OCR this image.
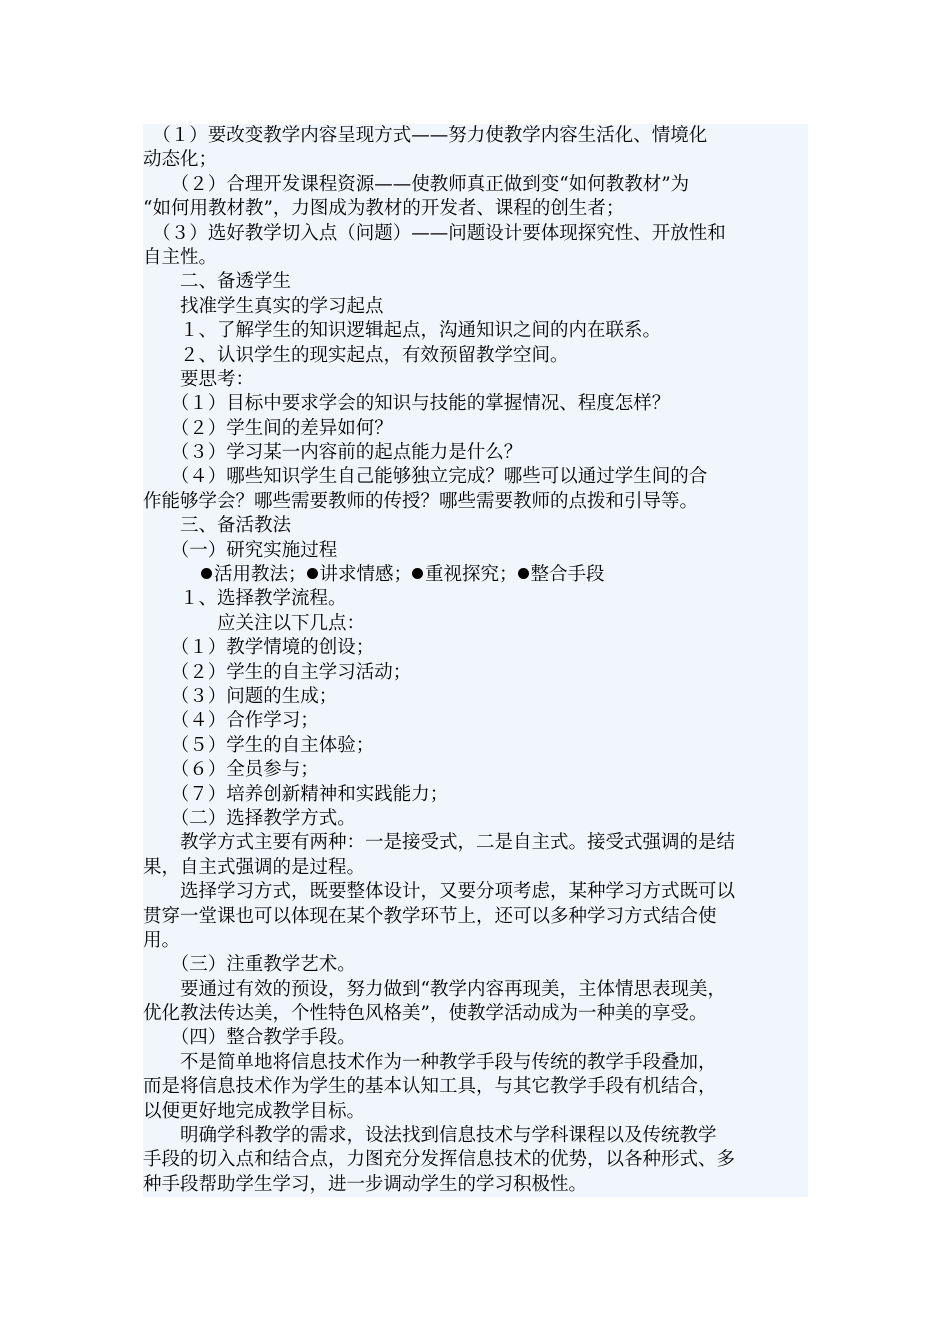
　（１）要改变教学内容呈现方式——努力使教学内容生活化、情境化
动态化；
　　（２）合理开发课程资源——使教师真正做到变“如何教教材”为
“如何用教材教”，力图成为教材的开发者、课程的创生者；
　（３）选好教学切入点（问题）——问题设计要体现探究性、开放性和
自主性。
　　二、备透学生
　　找准学生真实的学习起点
　　１、了解学生的知识逻辑起点，沟通知识之间的内在联系。
　　２、认识学生的现实起点，有效预留教学空间。
　　要思考：
　　（１）目标中要求学会的知识与技能的掌握情况、程度怎样？
　　（２）学生间的差异如何？
　　（３）学习某一内容前的起点能力是什么？
　　（４）哪些知识学生自己能够独立完成？哪些可以通过学生间的合
作能够学会？哪些需要教师的传授？哪些需要教师的点拨和引导等。
　　三、备活教法
　　（一）研究实施过程
活用教法； 讲求情感； 重视探究； 整合手段
　　１、选择教学流程。
　　　　应关注以下几点：
　　（１）教学情境的创设；
　　（２）学生的自主学习活动；
　　（３）问题的生成；
　　（４）合作学习；
　　（５）学生的自主体验；
　　（６）全员参与；
　　（７）培养创新精神和实践能力；
　　（二）选择教学方式。
　　教学方式主要有两种：一是接受式，二是自主式。接受式强调的是结
果，自主式强调的是过程。
　　选择学习方式，既要整体设计，又要分项考虑，某种学习方式既可以
贯穿一堂课也可以体现在某个教学环节上，还可以多种学习方式结合使
用。
　　（三）注重教学艺术。
　　要通过有效的预设，努力做到“教学内容再现美，主体情思表现美，
优化教法传达美，个性特色风格美”，使教学活动成为一种美的享受。
　　（四）整合教学手段。
　　不是简单地将信息技术作为一种教学手段与传统的教学手段叠加，
而是将信息技术作为学生的基本认知工具，与其它教学手段有机结合，
以便更好地完成教学目标。
　　明确学科教学的需求，设法找到信息技术与学科课程以及传统教学
手段的切入点和结合点，力图充分发挥信息技术的优势，以各种形式、多
种手段帮助学生学习，进一步调动学生的学习积极性。
